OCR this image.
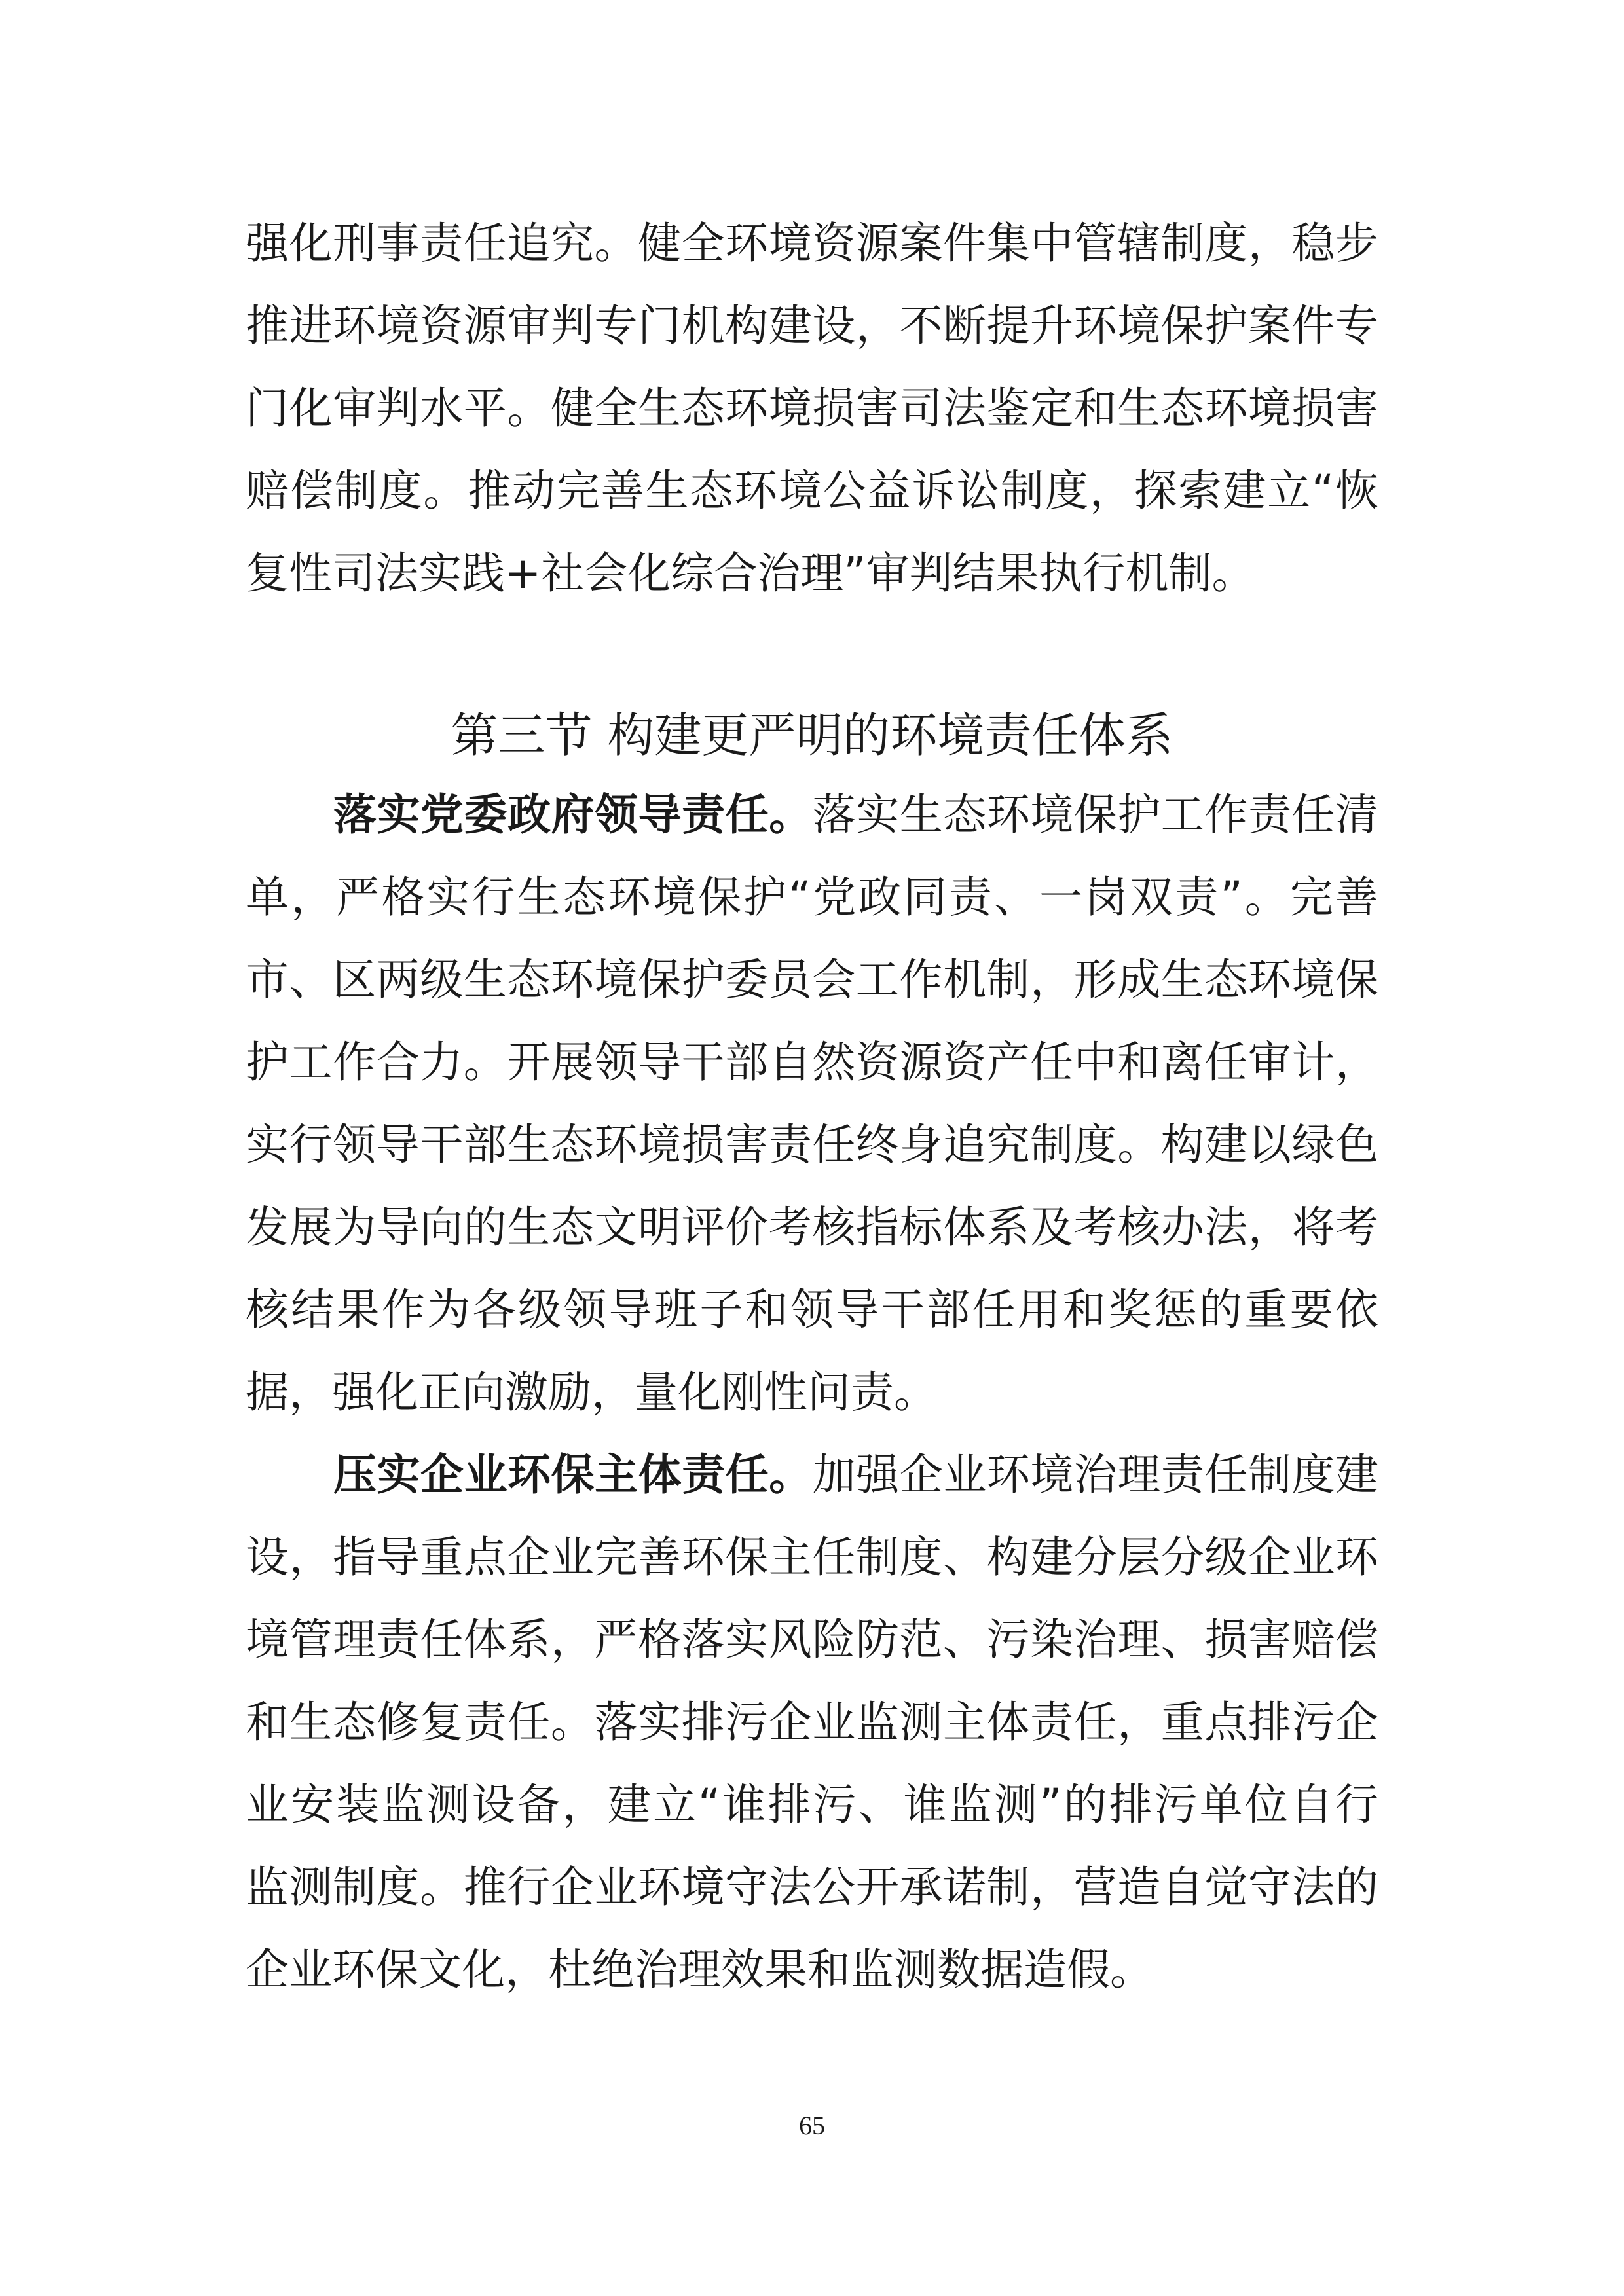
强化刑事责任追究。健全环境资源案件集中管辖制度，稳步
推进环境资源审判专门机构建设，不断提升环境保护案件专
门化审判水平。健全生态环境损害司法鉴定和生态环境损害
赔偿制度。推动完善生态环境公益诉讼制度，探索建立“恢
复性司法实践+社会化综合治理”审判结果执行机制。
第三节 构建更严明的环境责任体系
落实党委政府领导责任。落实生态环境保护工作责任清
单，严格实行生态环境保护“党政同责、一岗双责”。完善
市、区两级生态环境保护委员会工作机制，形成生态环境保
护工作合力。开展领导干部自然资源资产任中和离任审计，
实行领导干部生态环境损害责任终身追究制度。构建以绿色
发展为导向的生态文明评价考核指标体系及考核办法，将考
核结果作为各级领导班子和领导干部任用和奖惩的重要依
据，强化正向激励，量化刚性问责。
压实企业环保主体责任。加强企业环境治理责任制度建
设，指导重点企业完善环保主任制度、构建分层分级企业环
境管理责任体系，严格落实风险防范、污染治理、损害赔偿
和生态修复责任。落实排污企业监测主体责任，重点排污企
业安装监测设备，建立“谁排污、谁监测”的排污单位自行
监测制度。推行企业环境守法公开承诺制，营造自觉守法的
企业环保文化，杜绝治理效果和监测数据造假。
65
